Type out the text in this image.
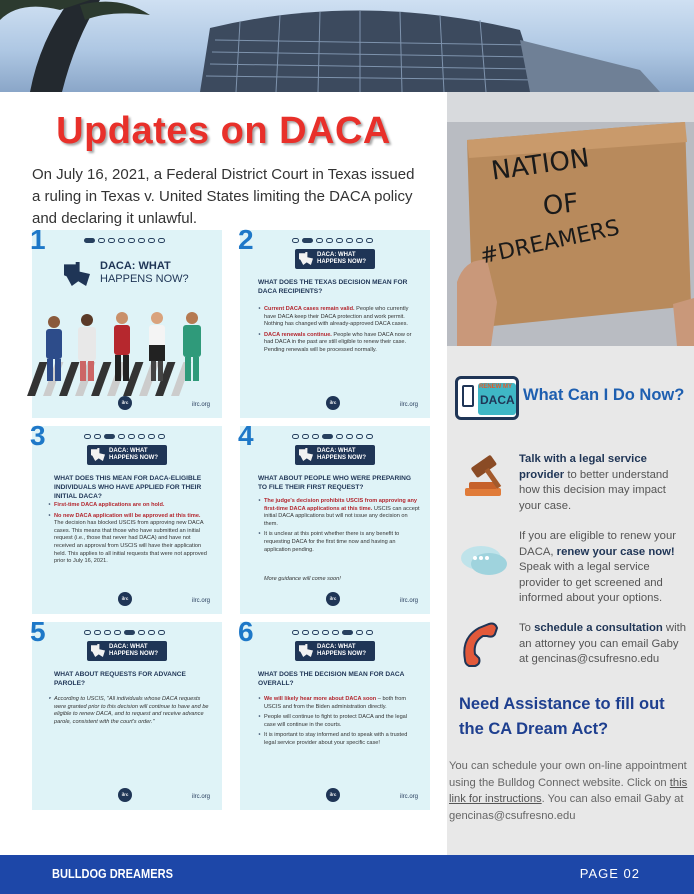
Updates on DACA
On July 16, 2021, a Federal District Court in Texas issued a ruling in Texas v. United States limiting the DACA policy and declaring it unlawful.
1
DACA: WHAT
HAPPENS NOW?
ilrc	ilrc.org
2	DACA: WHAT
HAPPENS NOW?
WHAT DOES THE TEXAS DECISION MEAN FOR DACA RECIPIENTS?
‣ Current DACA cases remain valid. People who currently have DACA keep their DACA protection and work permit. Nothing has changed with already-approved DACA cases.
‣ DACA renewals continue. People who have DACA now or had DACA in the past are still eligible to renew their case. Pending renewals will be processed normally.
ilrc	ilrc.org
3	DACA: WHAT
HAPPENS NOW?
WHAT DOES THIS MEAN FOR DACA-ELIGIBLE INDIVIDUALS WHO HAVE APPLIED FOR THEIR INITIAL DACA?
‣ First-time DACA applications are on hold.
‣ No new DACA application will be approved at this time. The decision has blocked USCIS from approving new DACA cases. This means that those who have submitted an initial request (i.e., those that never had DACA) and have not received an approval from USCIS will have their application held. This applies to all initial requests that were not approved prior to July 16, 2021.
ilrc	ilrc.org
4	DACA: WHAT
HAPPENS NOW?
WHAT ABOUT PEOPLE WHO WERE PREPARING TO FILE THEIR FIRST REQUEST?
‣ The judge's decision prohibits USCIS from approving any first-time DACA applications at this time. USCIS can accept initial DACA applications but will not issue any decision on them.
‣ It is unclear at this point whether there is any benefit to requesting DACA for the first time now and having an application pending.
More guidance will come soon!
ilrc	ilrc.org
5	DACA: WHAT
HAPPENS NOW?
WHAT ABOUT REQUESTS FOR ADVANCE PAROLE?
‣ According to USCIS, "All individuals whose DACA requests were granted prior to this decision will continue to have and be eligible to renew DACA, and to request and receive advance parole, consistent with the court's order."
ilrc	ilrc.org
6	DACA: WHAT
HAPPENS NOW?
WHAT DOES THE DECISION MEAN FOR DACA OVERALL?
‣ We will likely hear more about DACA soon – both from USCIS and from the Biden administration directly.
‣ People will continue to fight to protect DACA and the legal case will continue in the courts.
‣ It is important to stay informed and to speak with a trusted legal service provider about your specific case!
ilrc	ilrc.org
NATION
OF
#DREAMERS
RENEW MY
DACA What Can I Do Now?
Talk with a legal service provider to better understand how this decision may impact your case.
If you are eligible to renew your DACA, renew your case now! Speak with a legal service provider to get screened and informed about your options.
To schedule a consultation with an attorney you can email Gaby at gencinas@csufresno.edu
Need Assistance to fill out the CA Dream Act?
You can schedule your own on-line appointment using the Bulldog Connect website. Click on this link for instructions. You can also email Gaby at gencinas@csufresno.edu
BULLDOG DREAMERS	PAGE 02
